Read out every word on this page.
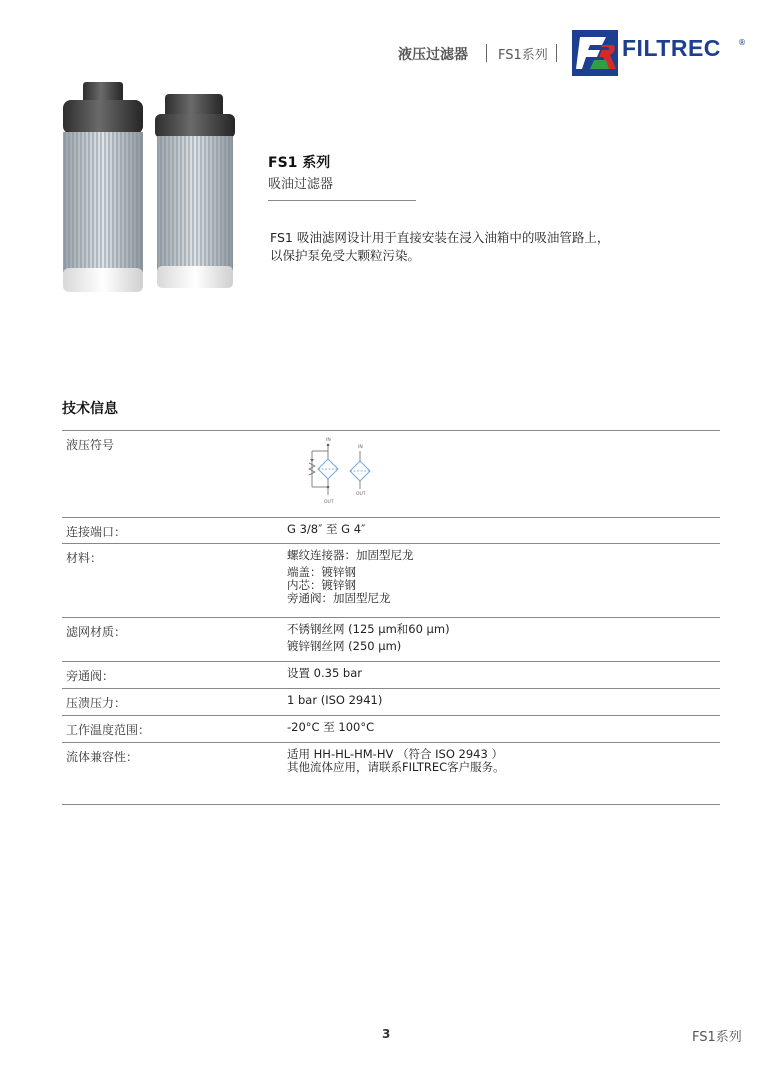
液压过滤器 FS1系列	FILTREC ®
FS1 系列
吸油过滤器
FS1 吸油滤网设计用于直接安装在浸入油箱中的吸油管路上，
以保护泵免受大颗粒污染。
技术信息
液压符号	IN
OUT
IN
OUT
连接端口：	G 3/8″ 至 G 4″
材料：	螺纹连接器：加固型尼龙
端盖：镀锌钢
内芯：镀锌钢
旁通阀：加固型尼龙
滤网材质：	不锈钢丝网 (125 μm和60 μm)
镀锌钢丝网 (250 μm)
旁通阀：	设置 0.35 bar
压溃压力：	1 bar (ISO 2941)
工作温度范围：	-20°C 至 100°C
流体兼容性：	适用 HH-HL-HM-HV （符合 ISO 2943 ）
其他流体应用，请联系FILTREC客户服务。
3	FS1系列
